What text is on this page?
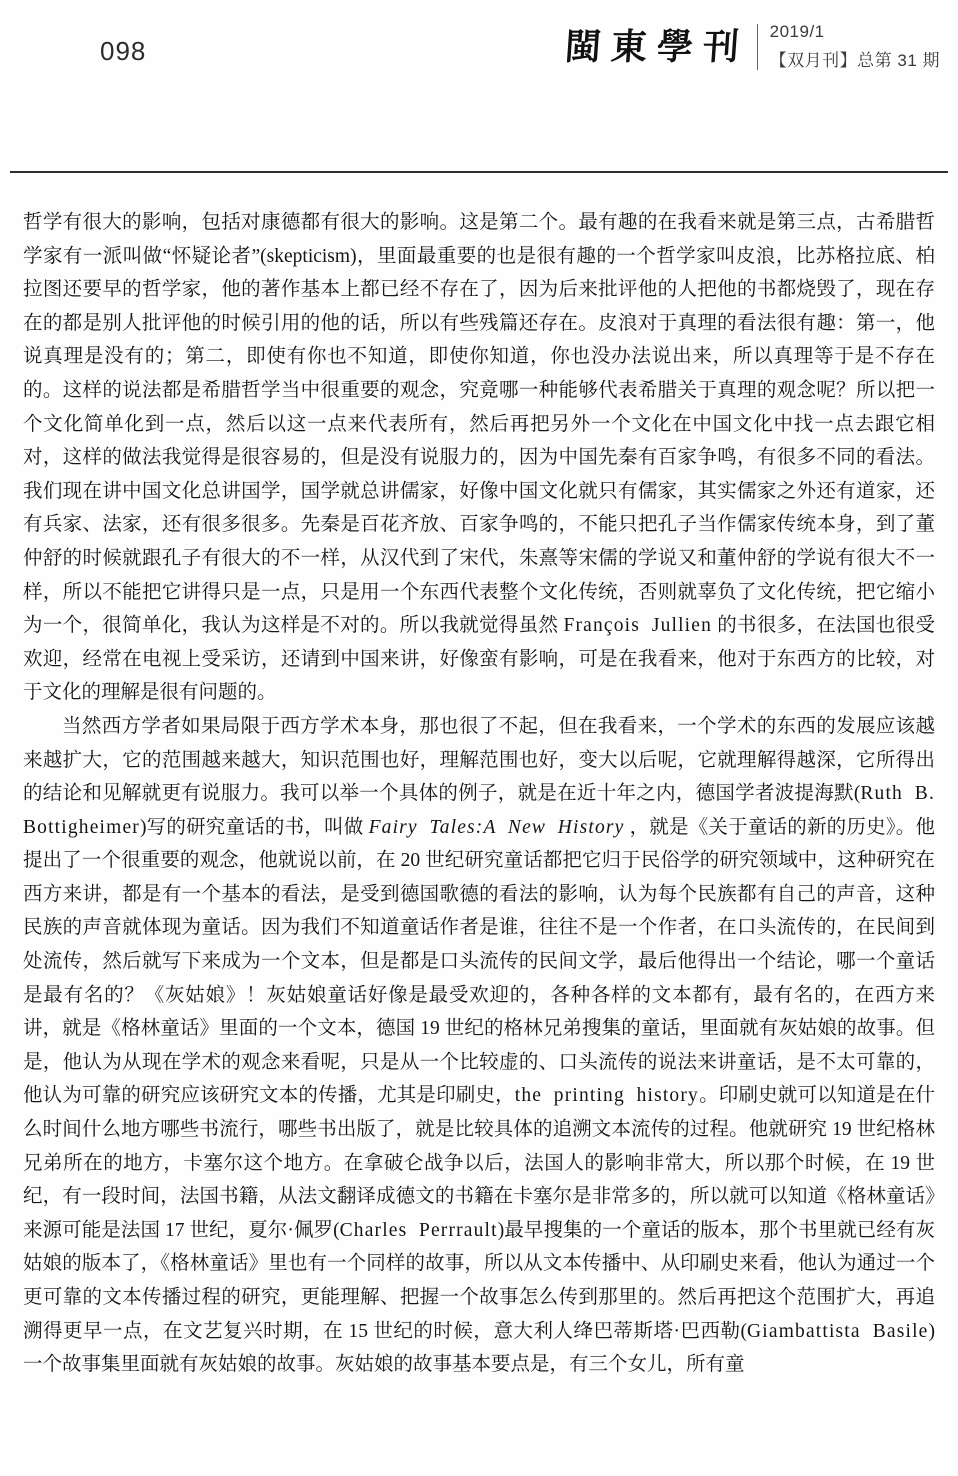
098	閩東學刊 2019/1
【双月刊】总第 31 期

哲学有很大的影响，包括对康德都有很大的影响。这是第二个。最有趣的在我看来就是第三点，古希腊哲学家有一派叫做“怀疑论者”(skepticism)，里面最重要的也是很有趣的一个哲学家叫皮浪，比苏格拉底、柏拉图还要早的哲学家，他的著作基本上都已经不存在了，因为后来批评他的人把他的书都烧毁了，现在存在的都是别人批评他的时候引用的他的话，所以有些残篇还存在。皮浪对于真理的看法很有趣：第一，他说真理是没有的；第二，即使有你也不知道，即使你知道，你也没办法说出来，所以真理等于是不存在的。这样的说法都是希腊哲学当中很重要的观念，究竟哪一种能够代表希腊关于真理的观念呢？所以把一个文化简单化到一点，然后以这一点来代表所有，然后再把另外一个文化在中国文化中找一点去跟它相对，这样的做法我觉得是很容易的，但是没有说服力的，因为中国先秦有百家争鸣，有很多不同的看法。我们现在讲中国文化总讲国学，国学就总讲儒家，好像中国文化就只有儒家，其实儒家之外还有道家，还有兵家、法家，还有很多很多。先秦是百花齐放、百家争鸣的，不能只把孔子当作儒家传统本身，到了董仲舒的时候就跟孔子有很大的不一样，从汉代到了宋代，朱熹等宋儒的学说又和董仲舒的学说有很大不一样，所以不能把它讲得只是一点，只是用一个东西代表整个文化传统，否则就辜负了文化传统，把它缩小为一个，很简单化，我认为这样是不对的。所以我就觉得虽然 François Jullien 的书很多，在法国也很受欢迎，经常在电视上受采访，还请到中国来讲，好像蛮有影响，可是在我看来，他对于东西方的比较，对于文化的理解是很有问题的。

当然西方学者如果局限于西方学术本身，那也很了不起，但在我看来，一个学术的东西的发展应该越来越扩大，它的范围越来越大，知识范围也好，理解范围也好，变大以后呢，它就理解得越深，它所得出的结论和见解就更有说服力。我可以举一个具体的例子，就是在近十年之内，德国学者波提海默(Ruth B. Bottigheimer)写的研究童话的书，叫做 Fairy Tales:A New History ，就是《关于童话的新的历史》。他提出了一个很重要的观念，他就说以前，在 20 世纪研究童话都把它归于民俗学的研究领域中，这种研究在西方来讲，都是有一个基本的看法，是受到德国歌德的看法的影响，认为每个民族都有自己的声音，这种民族的声音就体现为童话。因为我们不知道童话作者是谁，往往不是一个作者，在口头流传的，在民间到处流传，然后就写下来成为一个文本，但是都是口头流传的民间文学，最后他得出一个结论，哪一个童话是最有名的？《灰姑娘》！灰姑娘童话好像是最受欢迎的，各种各样的文本都有，最有名的，在西方来讲，就是《格林童话》里面的一个文本，德国 19 世纪的格林兄弟搜集的童话，里面就有灰姑娘的故事。但是，他认为从现在学术的观念来看呢，只是从一个比较虚的、口头流传的说法来讲童话，是不太可靠的，他认为可靠的研究应该研究文本的传播，尤其是印刷史，the printing history。印刷史就可以知道是在什么时间什么地方哪些书流行，哪些书出版了，就是比较具体的追溯文本流传的过程。他就研究 19 世纪格林兄弟所在的地方，卡塞尔这个地方。在拿破仑战争以后，法国人的影响非常大，所以那个时候，在 19 世纪，有一段时间，法国书籍，从法文翻译成德文的书籍在卡塞尔是非常多的，所以就可以知道《格林童话》来源可能是法国 17 世纪，夏尔·佩罗(Charles Perrrault)最早搜集的一个童话的版本，那个书里就已经有灰姑娘的版本了，《格林童话》里也有一个同样的故事，所以从文本传播中、从印刷史来看，他认为通过一个更可靠的文本传播过程的研究，更能理解、把握一个故事怎么传到那里的。然后再把这个范围扩大，再追溯得更早一点，在文艺复兴时期，在 15 世纪的时候，意大利人绛巴蒂斯塔·巴西勒(Giambattista Basile)一个故事集里面就有灰姑娘的故事。灰姑娘的故事基本要点是，有三个女儿，所有童
